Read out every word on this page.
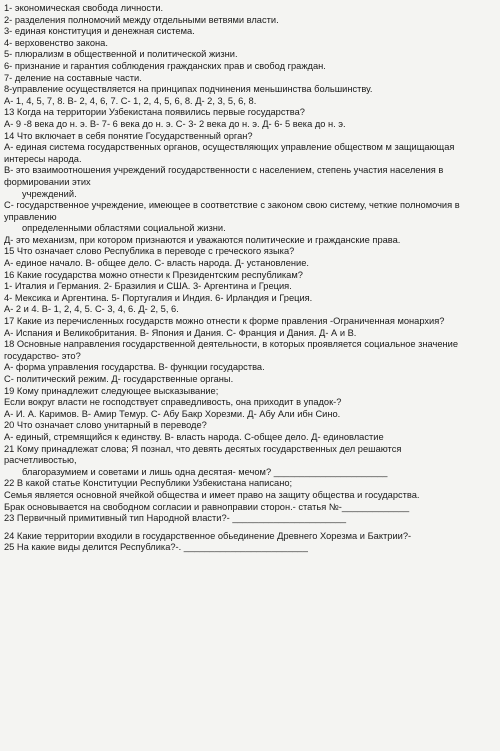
1- экономическая свобода личности.
2- разделения полномочий между отдельными ветвями власти.
3- единая конституция и денежная система.
4- верховенство закона.
5- плюрализм в общественной и политической жизни.
6- признание и гарантия соблюдения гражданских прав и свобод граждан.
7- деление на составные части.
8-управление осуществляется на принципах подчинения меньшинства большинству.
А- 1, 4, 5, 7, 8. В- 2, 4, 6, 7. С- 1, 2, 4, 5, 6, 8. Д- 2, 3, 5, 6, 8.
13 Когда на территории Узбекистана появились первые государства?
А- 9 -8 века до н. э. В- 7- 6 века до н. э. С- 3- 2 века до н. э. Д- 6- 5 века до н. э.
14 Что включает в себя понятие Государственный орган?
А- единая система государственных органов, осуществляющих управление обществом м защищающая
интересы народа.
В- это взаимоотношения учреждений государственности с населением, степень участия населения в
формировании этих
учреждений.
С- государственное учреждение, имеющее в соответствие с законом свою систему, четкие полномочия в
управлению
определенными областями социальной жизни.
Д- это механизм, при котором признаются и уважаются политические и гражданские права.
15 Что означает слово Республика в переводе с греческого языка?
А- единое начало. В- общее дело. С- власть народа. Д- установление.
16 Какие государства можно отнести к Президентским республикам?
1- Италия и Германия. 2- Бразилия и США. 3- Аргентина и Греция.
4- Мексика и Аргентина. 5- Португалия и Индия. 6- Ирландия и Греция.
А- 2 и 4. В- 1, 2, 4, 5. С- 3, 4, 6. Д- 2, 5, 6.
17 Какие из перечисленных государств можно отнести к форме правления -Ограниченная монархия?
А- Испания и Великобритания. В- Япония и Дания. С- Франция и Дания. Д- А и В.
18 Основные направления государственной деятельности, в которых проявляется социальное значение
государство- это?
А- форма управления государства. В- функции государства.
С- политический режим. Д- государственные органы.
19 Кому принадлежит следующее высказывание;
Если вокруг власти не господствует справедливость, она приходит в упадок-?
А- И. А. Каримов. В- Амир Темур. С- Абу Бакр Хорезми. Д- Абу Али ибн Сино.
20 Что означает слово унитарный в переводе?
А- единый, стремящийся к единству. В- власть народа. С-общее дело. Д- единовластие
21 Кому принадлежат слова; Я познал, что девять десятых государственных дел решаются
расчетливостью,
благоразумием и советами и лишь одна десятая- мечом? ______________________
22 В какой статье Конституции Республики Узбекистана написано;
Семья является основной ячейкой общества и имеет право на защиту общества и государства.
Брак основывается на свободном согласии и равноправии сторон.- статья №-_____________
23 Первичный примитивный тип Народной власти?- ______________________
24 Какие территории входили в государственное обьединение Древнего Хорезма и Бактрии?-
25 На какие виды делится Республика?-. ________________________
